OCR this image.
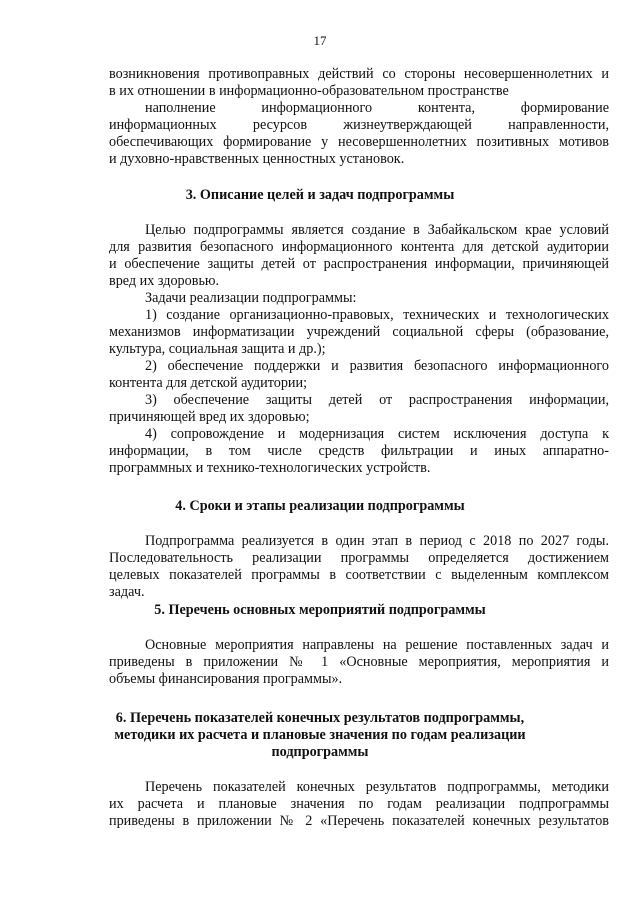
17
возникновения противоправных действий со стороны несовершеннолетних и
в их отношении в информационно-образовательном пространстве
наполнение информационного контента, формирование
информационных ресурсов жизнеутверждающей направленности,
обеспечивающих формирование у несовершеннолетних позитивных мотивов
и духовно-нравственных ценностных установок.
3. Описание целей и задач подпрограммы
Целью подпрограммы является создание в Забайкальском крае условий
для развития безопасного информационного контента для детской аудитории
и обеспечение защиты детей от распространения информации, причиняющей
вред их здоровью.
Задачи реализации подпрограммы:
1) создание организационно-правовых, технических и технологических
механизмов информатизации учреждений социальной сферы (образование,
культура, социальная защита и др.);
2) обеспечение поддержки и развития безопасного информационного
контента для детской аудитории;
3) обеспечение защиты детей от распространения информации,
причиняющей вред их здоровью;
4) сопровождение и модернизация систем исключения доступа к
информации, в том числе средств фильтрации и иных аппаратно-
программных и технико-технологических устройств.
4. Сроки и этапы реализации подпрограммы
Подпрограмма реализуется в один этап в период с 2018 по 2027 годы.
Последовательность реализации программы определяется достижением
целевых показателей программы в соответствии с выделенным комплексом
задач.
5. Перечень основных мероприятий подпрограммы
Основные мероприятия направлены на решение поставленных задач и
приведены в приложении № 1 «Основные мероприятия, мероприятия и
объемы финансирования программы».
6. Перечень показателей конечных результатов подпрограммы,
методики их расчета и плановые значения по годам реализации
подпрограммы
Перечень показателей конечных результатов подпрограммы, методики
их расчета и плановые значения по годам реализации подпрограммы
приведены в приложении № 2 «Перечень показателей конечных результатов
